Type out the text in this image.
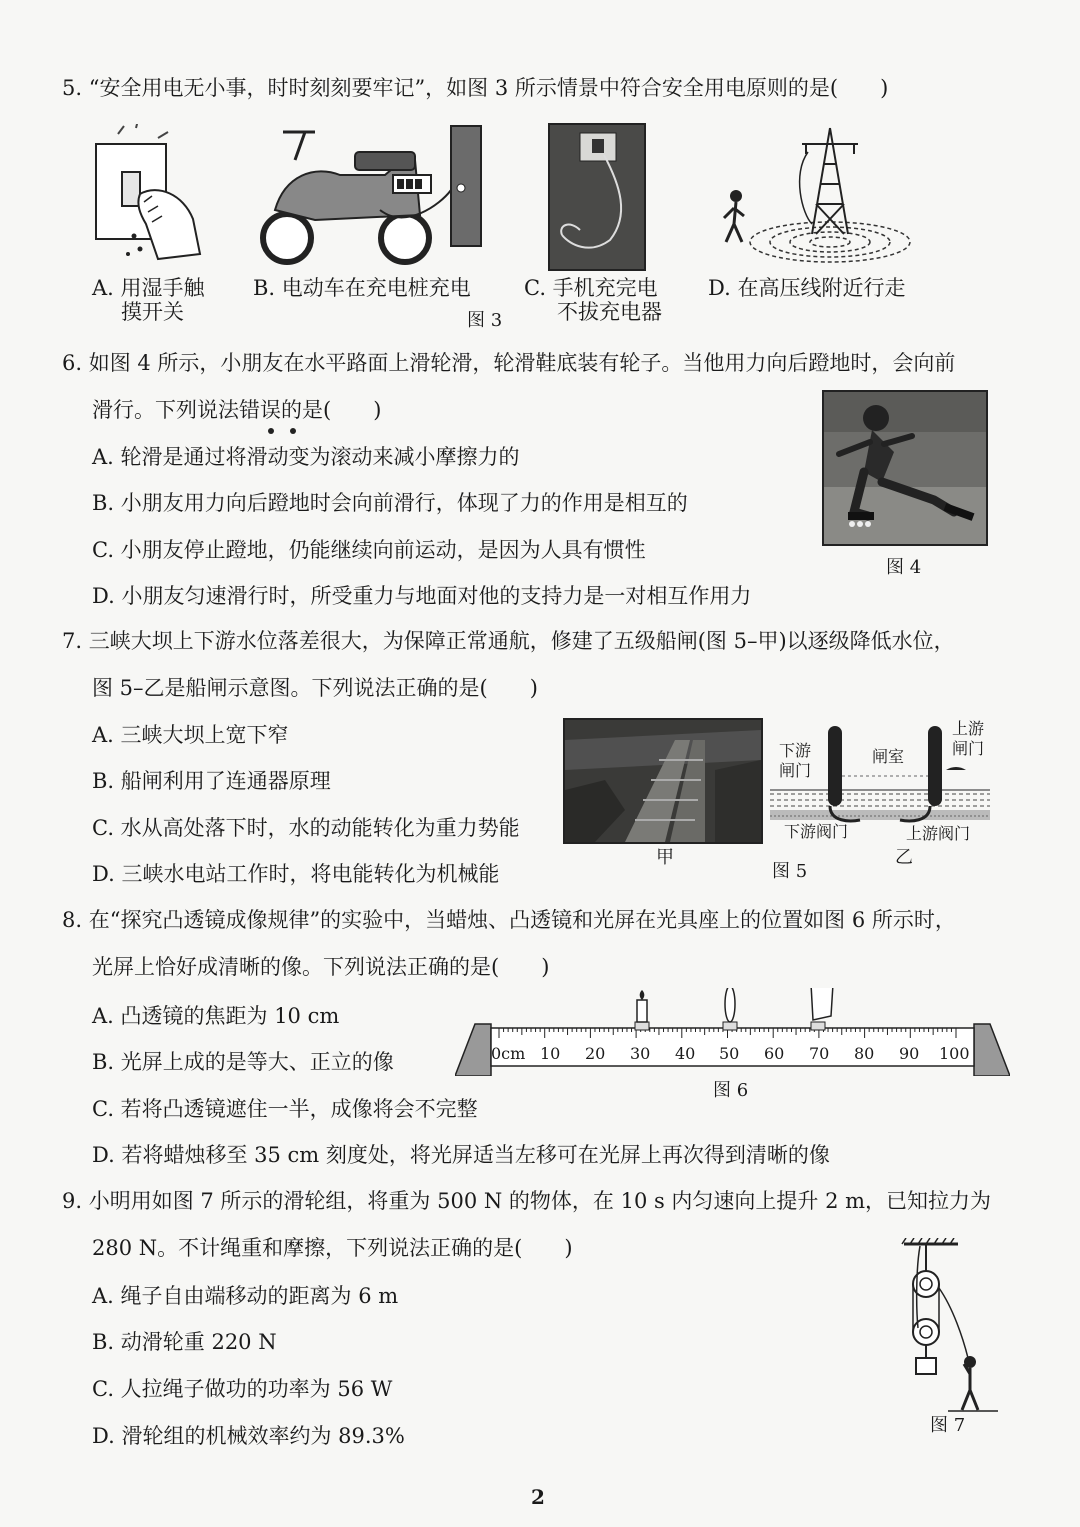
5. “安全用电无小事，时时刻刻要牢记”，如图 3 所示情景中符合安全用电原则的是(　　)
A. 用湿手触
摸开关
B. 电动车在充电桩充电	C. 手机充完电
不拔充电器
D. 在高压线附近行走
图 3
6. 如图 4 所示，小朋友在水平路面上滑轮滑，轮滑鞋底装有轮子。当他用力向后蹬地时，会向前
滑行。下列说法错误的是(　　)
A. 轮滑是通过将滑动变为滚动来减小摩擦力的
B. 小朋友用力向后蹬地时会向前滑行，体现了力的作用是相互的
C. 小朋友停止蹬地，仍能继续向前运动，是因为人具有惯性
D. 小朋友匀速滑行时，所受重力与地面对他的支持力是一对相互作用力
图 4
7. 三峡大坝上下游水位落差很大，为保障正常通航，修建了五级船闸(图 5–甲)以逐级降低水位，
图 5–乙是船闸示意图。下列说法正确的是(　　)
A. 三峡大坝上宽下窄
B. 船闸利用了连通器原理
C. 水从高处落下时，水的动能转化为重力势能
D. 三峡水电站工作时，将电能转化为机械能
甲
下游
闸门
闸室
上游
闸门
下游阀门	上游阀门
图 5
乙
8. 在“探究凸透镜成像规律”的实验中，当蜡烛、凸透镜和光屏在光具座上的位置如图 6 所示时，
光屏上恰好成清晰的像。下列说法正确的是(　　)
A. 凸透镜的焦距为 10 cm
B. 光屏上成的是等大、正立的像
C. 若将凸透镜遮住一半，成像将会不完整
D. 若将蜡烛移至 35 cm 刻度处，将光屏适当左移可在光屏上再次得到清晰的像
0cm 10 20 30 40 50 60 70 80 90 100
图 6
9. 小明用如图 7 所示的滑轮组，将重为 500 N 的物体，在 10 s 内匀速向上提升 2 m，已知拉力为
280 N。不计绳重和摩擦，下列说法正确的是(　　)
A. 绳子自由端移动的距离为 6 m
B. 动滑轮重 220 N
C. 人拉绳子做功的功率为 56 W
D. 滑轮组的机械效率约为 89.3%	图 7
2
